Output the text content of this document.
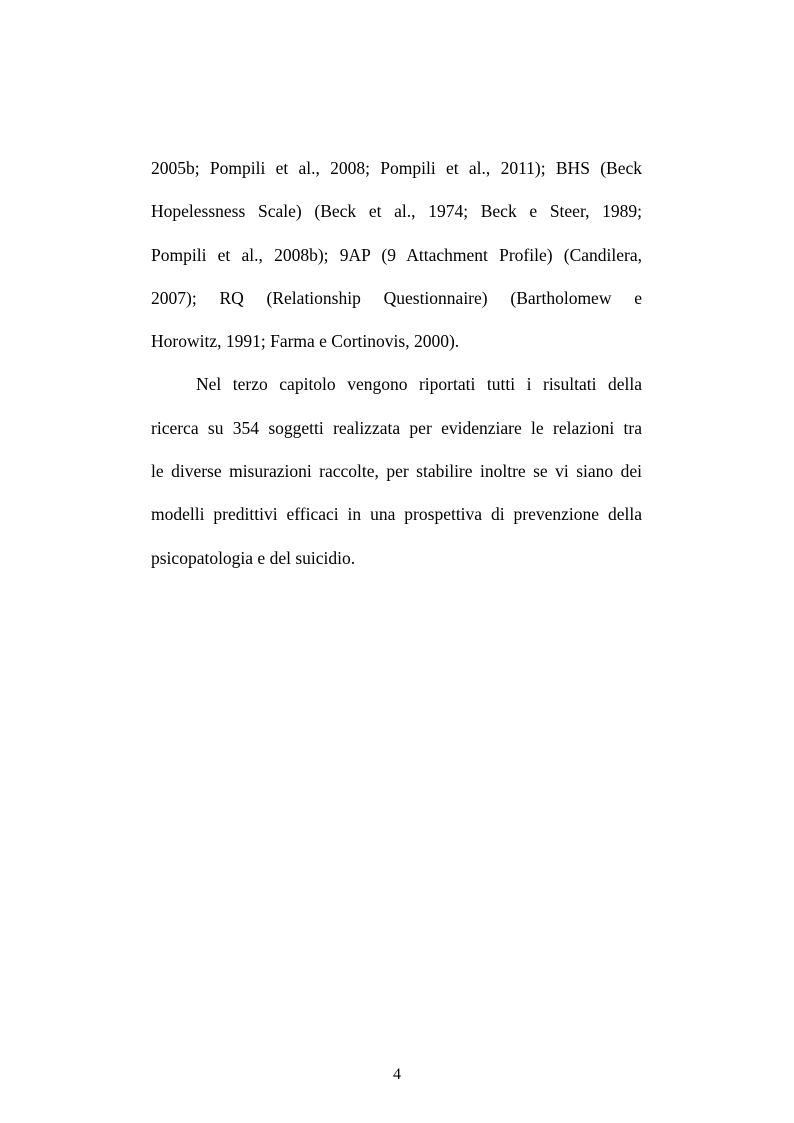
2005b; Pompili et al., 2008; Pompili et al., 2011); BHS (Beck
Hopelessness Scale) (Beck et al., 1974; Beck e Steer, 1989;
Pompili et al., 2008b); 9AP (9 Attachment Profile) (Candilera,
2007); RQ (Relationship Questionnaire) (Bartholomew e
Horowitz, 1991; Farma e Cortinovis, 2000).

Nel terzo capitolo vengono riportati tutti i risultati della
ricerca su 354 soggetti realizzata per evidenziare le relazioni tra
le diverse misurazioni raccolte, per stabilire inoltre se vi siano dei
modelli predittivi efficaci in una prospettiva di prevenzione della
psicopatologia e del suicidio.

4
